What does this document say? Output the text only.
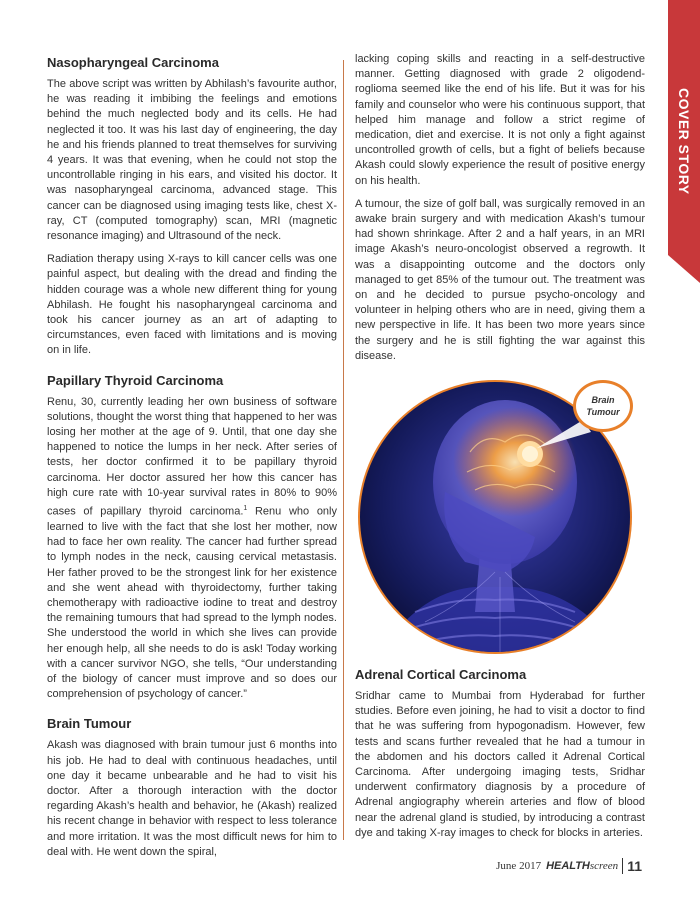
COVER STORY
Nasopharyngeal Carcinoma

The above script was written by Abhilash’s favourite author, he was reading it imbibing the feelings and emotions behind the much neglected body and its cells. He had neglected it too. It was his last day of engineering, the day he and his friends planned to treat themselves for surviving 4 years. It was that evening, when he could not stop the uncontrollable ringing in his ears, and visited his doctor. It was nasopharyngeal carcinoma, advanced stage. This cancer can be diagnosed using imaging tests like, chest X-ray, CT (computed tomography) scan, MRI (magnetic resonance imaging) and Ultrasound of the neck.

Radiation therapy using X-rays to kill cancer cells was one painful aspect, but dealing with the dread and finding the hidden courage was a whole new different thing for young Abhilash. He fought his nasopharyngeal carcinoma and took his cancer journey as an art of adapting to circumstances, even faced with limitations and is moving on in life.

Papillary Thyroid Carcinoma

Renu, 30, currently leading her own business of software solutions, thought the worst thing that happened to her was losing her mother at the age of 9. Until, that one day she happened to notice the lumps in her neck. After series of tests, her doctor confirmed it to be papillary thyroid carcinoma. Her doctor assured her how this cancer has high cure rate with 10-year survival rates in 80% to 90% cases of papillary thyroid carcinoma.$^1$ Renu who only learned to live with the fact that she lost her mother, now had to face her own reality. The cancer had further spread to lymph nodes in the neck, causing cervical metastasis. Her father proved to be the strongest link for her existence and she went ahead with thyroidectomy, further taking chemotherapy with radioactive iodine to treat and destroy the remaining tumours that had spread to the lymph nodes. She understood the world in which she lives can provide her enough help, all she needs to do is ask! Today working with a cancer survivor NGO, she tells, “Our understanding of the biology of cancer must improve and so does our comprehension of psychology of cancer.”

Brain Tumour

Akash was diagnosed with brain tumour just 6 months into his job. He had to deal with continuous headaches, until one day it became unbearable and he had to visit his doctor. After a thorough interaction with the doctor regarding Akash’s health and behavior, he (Akash) realized his recent change in behavior with respect to less tolerance and more irritation. It was the most difficult news for him to deal with. He went down the spiral,

lacking coping skills and reacting in a self-destructive manner. Getting diagnosed with grade 2 oligodend-roglioma seemed like the end of his life. But it was for his family and counselor who were his continuous support, that helped him manage and follow a strict regime of medication, diet and exercise. It is not only a fight against uncontrolled growth of cells, but a fight of beliefs because Akash could slowly experience the result of positive energy on his health.

A tumour, the size of golf ball, was surgically removed in an awake brain surgery and with medication Akash’s tumour had shown shrinkage. After 2 and a half years, in an MRI image Akash’s neuro-oncologist observed a regrowth. It was a disappointing outcome and the doctors only managed to get 85% of the tumour out. The treatment was on and he decided to pursue psycho-oncology and volunteer in helping others who are in need, giving them a new perspective in life. It has been two more years since the surgery and he is still fighting the war against this disease.

Brain Tumour
Adrenal Cortical Carcinoma

Sridhar came to Mumbai from Hyderabad for further studies. Before even joining, he had to visit a doctor to find that he was suffering from hypogonadism. However, few tests and scans further revealed that he had a tumour in the abdomen and his doctors called it Adrenal Cortical Carcinoma. After undergoing imaging tests, Sridhar underwent confirmatory diagnosis by a procedure of Adrenal angiography wherein arteries and flow of blood near the adrenal gland is studied, by introducing a contrast dye and taking X-ray images to check for blocks in arteries.

June 2017 HEALTH screen 11
